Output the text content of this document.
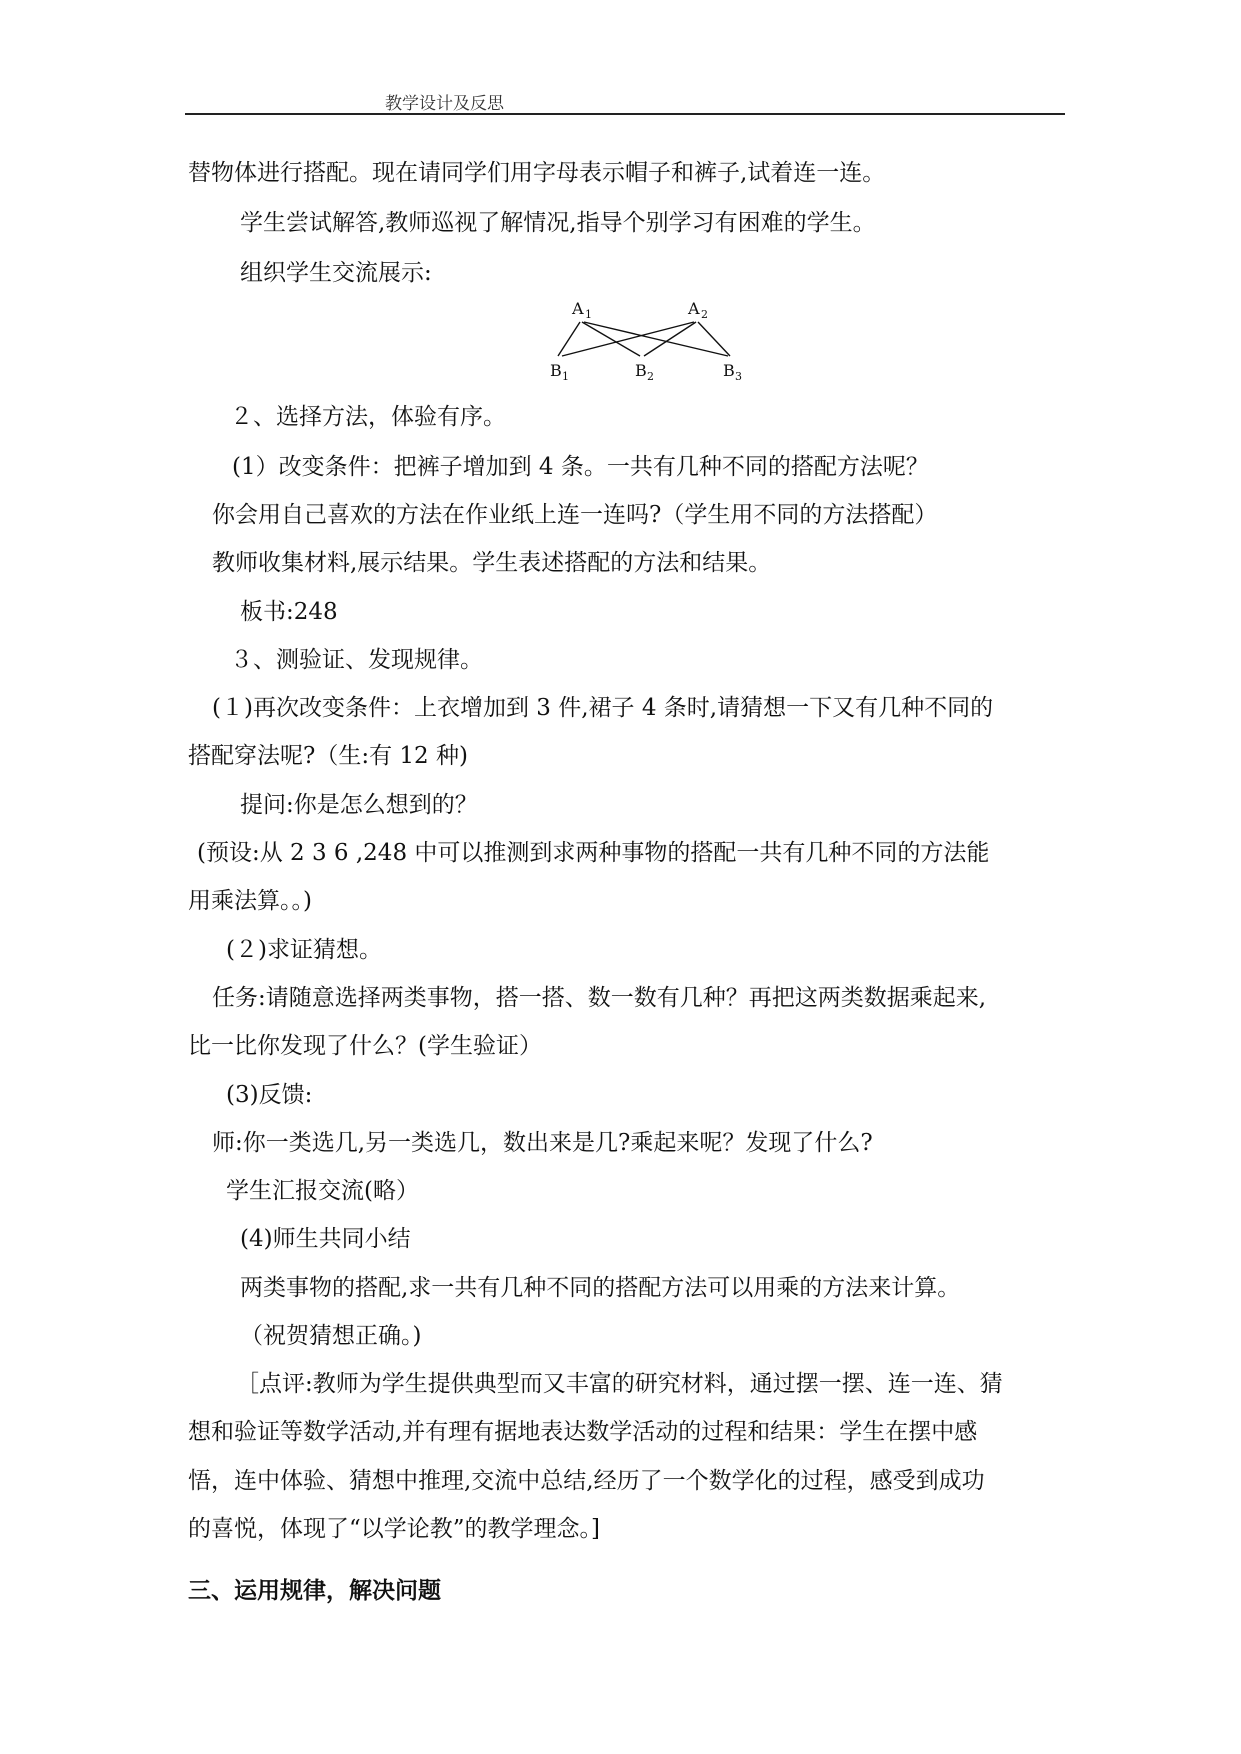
教学设计及反思
替物体进行搭配。现在请同学们用字母表示帽子和裤子,试着连一连。
学生尝试解答,教师巡视了解情况,指导个别学习有困难的学生。
组织学生交流展示:
A 1	A 2
B 1	B 2	B 3
２、选择方法，体验有序。
(1）改变条件：把裤子增加到 4 条。一共有几种不同的搭配方法呢？
你会用自己喜欢的方法在作业纸上连一连吗?（学生用不同的方法搭配）
教师收集材料,展示结果。学生表述搭配的方法和结果。
板书:248
３、测验证、发现规律。
(１)再次改变条件：上衣增加到 3 件,裙子 4 条时,请猜想一下又有几种不同的
搭配穿法呢?（生:有 12 种)
提问:你是怎么想到的？
(预设:从 2 3 6 ,248 中可以推测到求两种事物的搭配一共有几种不同的方法能
用乘法算。。)
(２)求证猜想。
任务:请随意选择两类事物，搭一搭、数一数有几种？再把这两类数据乘起来,
比一比你发现了什么？(学生验证）
(3)反馈:
师:你一类选几,另一类选几，数出来是几?乘起来呢？发现了什么?
学生汇报交流(略）
(4)师生共同小结
两类事物的搭配,求一共有几种不同的搭配方法可以用乘的方法来计算。
（祝贺猜想正确。)
［点评:教师为学生提供典型而又丰富的研究材料，通过摆一摆、连一连、猜
想和验证等数学活动,并有理有据地表达数学活动的过程和结果：学生在摆中感
悟，连中体验、猜想中推理,交流中总结,经历了一个数学化的过程，感受到成功
的喜悦，体现了“以学论教”的教学理念。]
三、运用规律，解决问题
